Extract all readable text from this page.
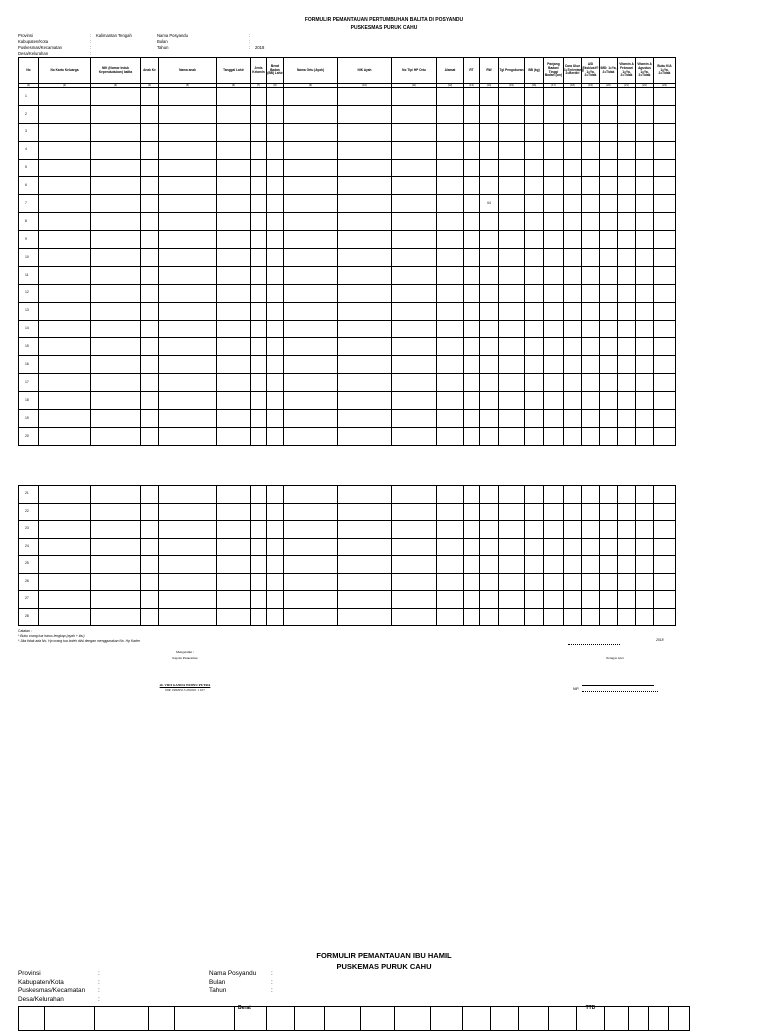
FORMULIR PEMANTAUAN PERTUMBUHAN BALITA DI POSYANDU
PUSKESMAS PURUK CAHU
Provinsi	: Kalimantan Tengah
Kabupaten/Kota	:
Puskesmas/Kecamatan	:
Desa/Kelurahan	:
Nama Posyandu	:
Bulan	:
Tahun	: 2018
No	No Kartu Keluarga	NIK (Nomor Induk Kependudukan) balita	Anak Ke	Nama anak	Tanggal Lahir	Jenis Kelamin	Berat Badan (BB) Lahir	Nama Ortu (Ayah)	NIK Ayah	No Tlp/ HP Ortu	Alamat	RT	RW	Tgl Pengukuran	BB (kg)	Panjang Badan/ Tinggi Badan (cm)	Cara Ukur 1=Terlentang 2=Berdiri	ASI Eksklusif? 1=Ya, 2=Tidak	IMD: 1=Ya, 2=Tidak	Vitamin A Februari 1=Ya, 2=Tidak	Vitamin A Agustus 1=Ya, 2=Tidak	Buku KIA 1=Ya, 2=Tidak
(1)	(2)	(3)	(4)	(5)	(6)	(7)	(8)	(9)	(10)	(11)	(12)	(13)	(14)	(15)	(16)	(17)	(18)	(19)	(20)	(21)	(22)	(23)
1																						
2																						
3																						
4																						
5																						
6																						
7													04									
8																						
9																						
10																						
11																						
12																						
13																						
14																						
15																						
16																						
17																						
18																						
19																						
20																						
21																						
22																						
23																						
24																						
25																						
26																						
27																						
28																						
Catatan :
* Buku orang tua harus lengkap (ayah + ibu)
* Jika tidak ada No. Hp orang tua boleh diisi dengan menggunakan No. Hp Kader	2018
Mengetahui :
Kepala Puskesmas	Petugas Gizi
dr. VIDI GANDA WIDNU PUTRA
NIP. 19820513 201001 1 017	NIP.
FORMULIR PEMANTAUAN IBU HAMIL
PUSKEMAS PURUK CAHU
Provinsi	:
Kabupaten/Kota	:
Puskesmas/Kecamatan :
Desa/Kelurahan	:
Nama Posyandu :
Bulan	:
Tahun	:
					Berat											TTD				
